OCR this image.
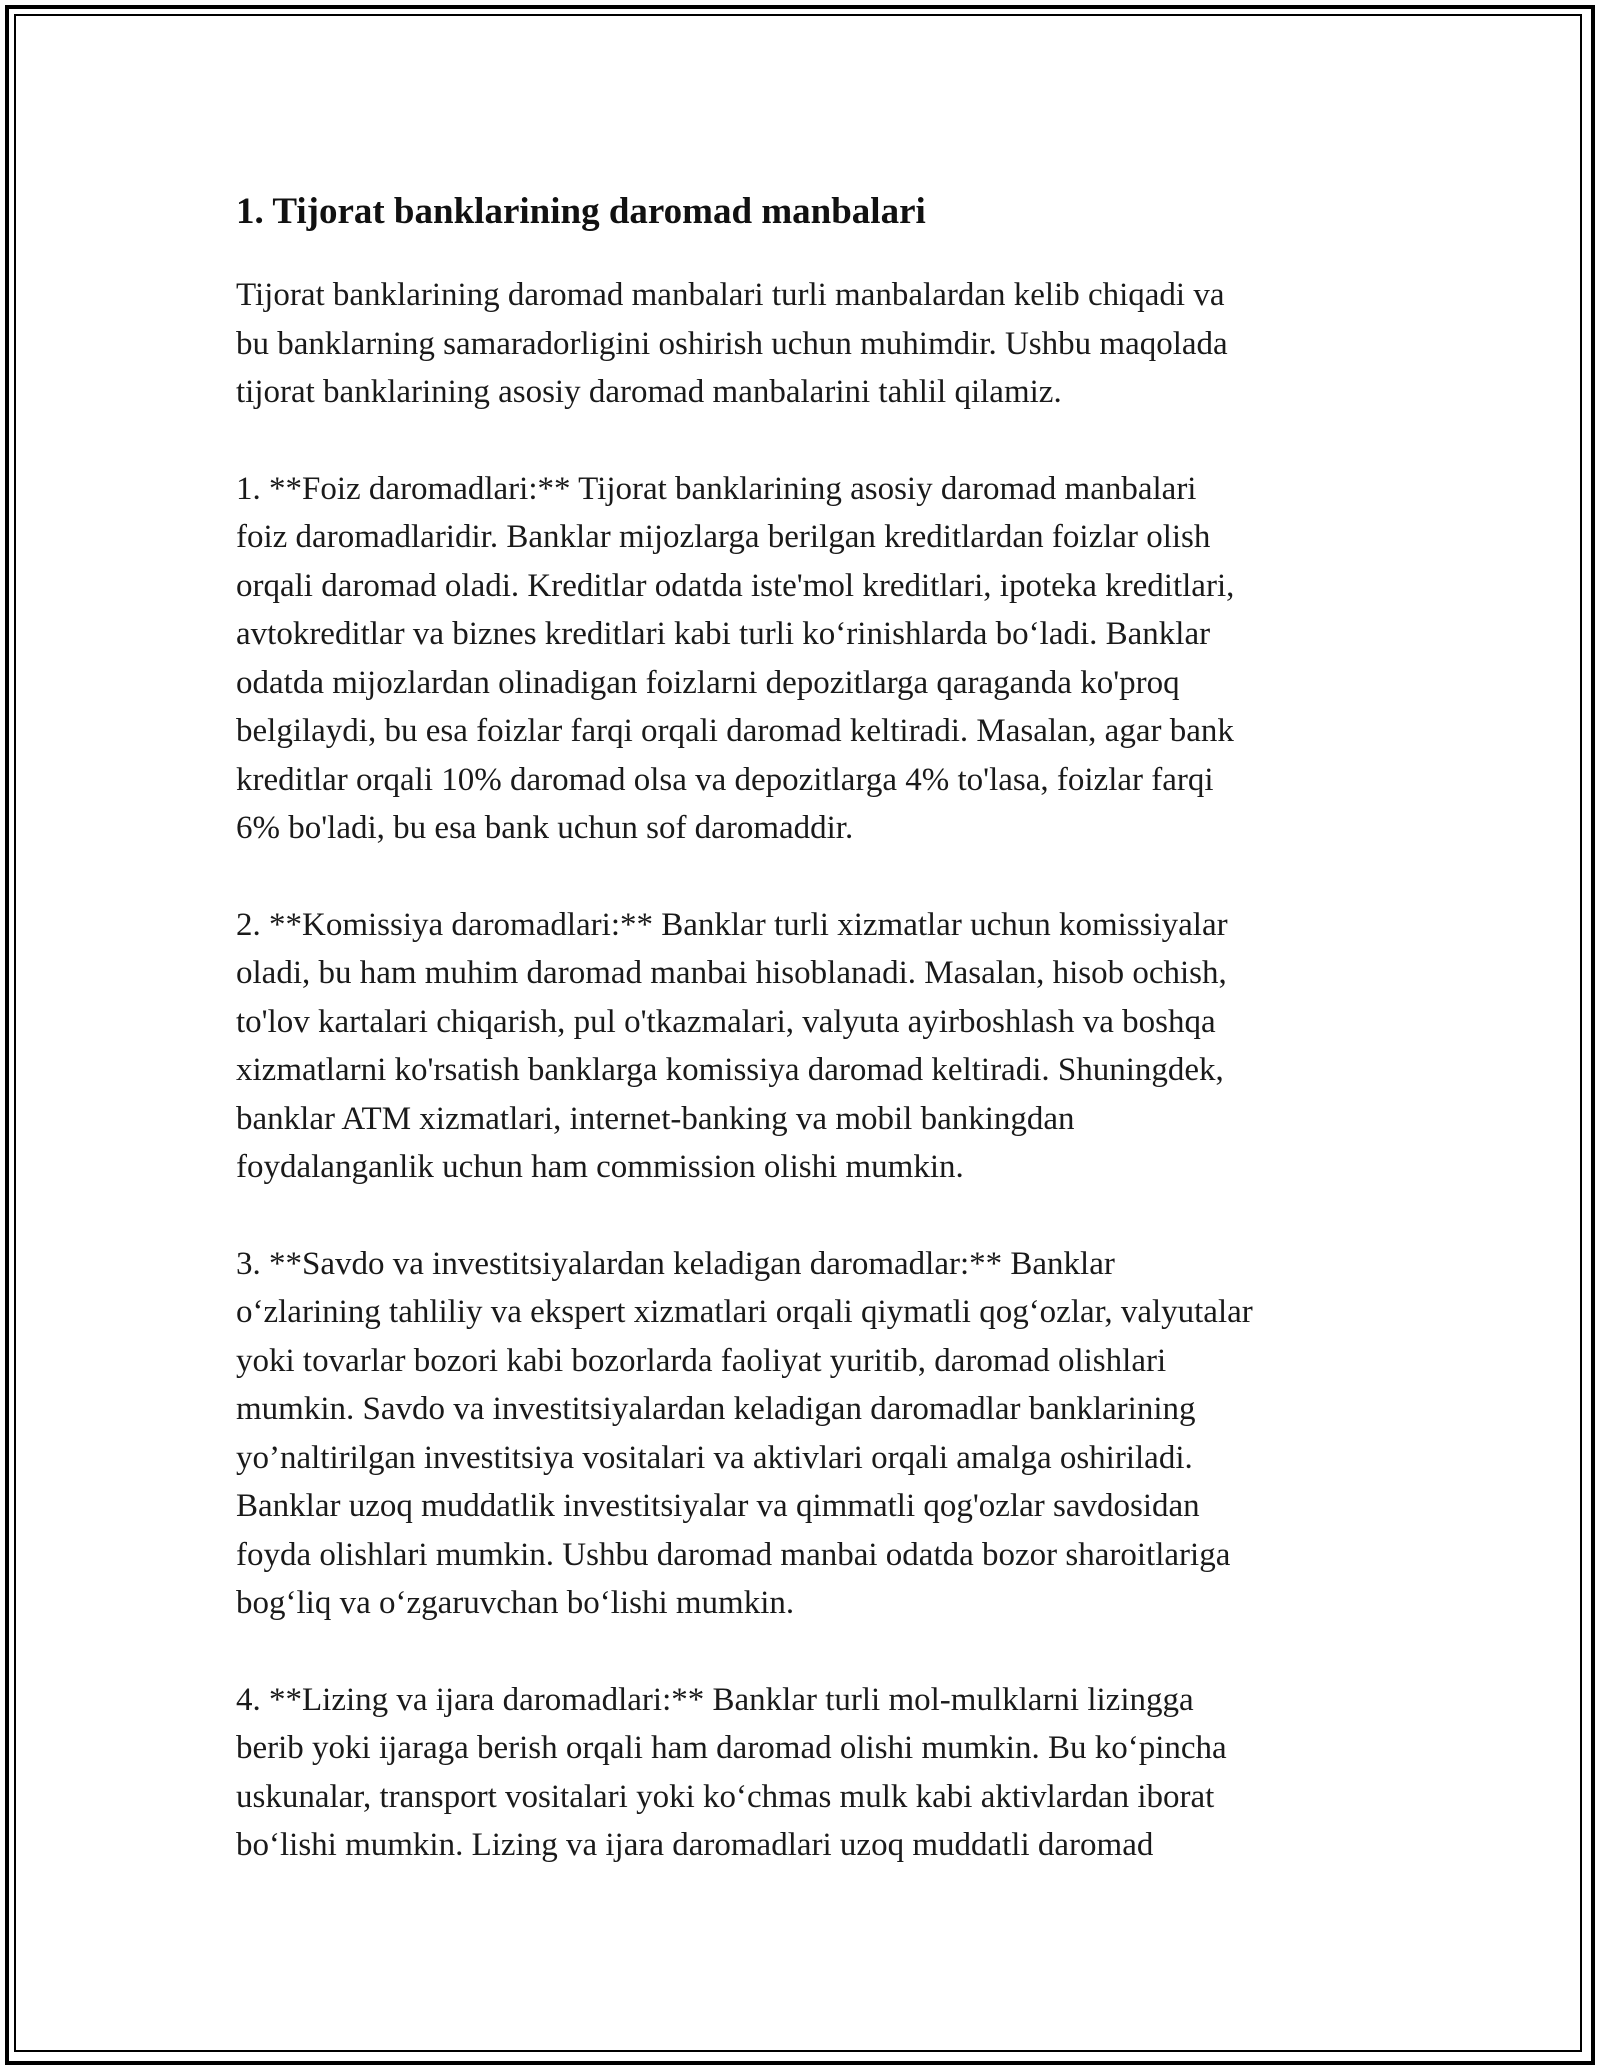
1. Tijorat banklarining daromad manbalari

Tijorat banklarining daromad manbalari turli manbalardan kelib chiqadi va
bu banklarning samaradorligini oshirish uchun muhimdir. Ushbu maqolada
tijorat banklarining asosiy daromad manbalarini tahlil qilamiz.

1. **Foiz daromadlari:** Tijorat banklarining asosiy daromad manbalari
foiz daromadlaridir. Banklar mijozlarga berilgan kreditlardan foizlar olish
orqali daromad oladi. Kreditlar odatda iste'mol kreditlari, ipoteka kreditlari,
avtokreditlar va biznes kreditlari kabi turli koʻrinishlarda boʻladi. Banklar
odatda mijozlardan olinadigan foizlarni depozitlarga qaraganda ko'proq
belgilaydi, bu esa foizlar farqi orqali daromad keltiradi. Masalan, agar bank
kreditlar orqali 10% daromad olsa va depozitlarga 4% to'lasa, foizlar farqi
6% bo'ladi, bu esa bank uchun sof daromaddir.

2. **Komissiya daromadlari:** Banklar turli xizmatlar uchun komissiyalar
oladi, bu ham muhim daromad manbai hisoblanadi. Masalan, hisob ochish,
to'lov kartalari chiqarish, pul o'tkazmalari, valyuta ayirboshlash va boshqa
xizmatlarni ko'rsatish banklarga komissiya daromad keltiradi. Shuningdek,
banklar ATM xizmatlari, internet-banking va mobil bankingdan
foydalanganlik uchun ham commission olishi mumkin.

3. **Savdo va investitsiyalardan keladigan daromadlar:** Banklar
oʻzlarining tahliliy va ekspert xizmatlari orqali qiymatli qogʻozlar, valyutalar
yoki tovarlar bozori kabi bozorlarda faoliyat yuritib, daromad olishlari
mumkin. Savdo va investitsiyalardan keladigan daromadlar banklarining
yo’naltirilgan investitsiya vositalari va aktivlari orqali amalga oshiriladi.
Banklar uzoq muddatlik investitsiyalar va qimmatli qog'ozlar savdosidan
foyda olishlari mumkin. Ushbu daromad manbai odatda bozor sharoitlariga
bogʻliq va oʻzgaruvchan boʻlishi mumkin.

4. **Lizing va ijara daromadlari:** Banklar turli mol-mulklarni lizingga
berib yoki ijaraga berish orqali ham daromad olishi mumkin. Bu koʻpincha
uskunalar, transport vositalari yoki koʻchmas mulk kabi aktivlardan iborat
boʻlishi mumkin. Lizing va ijara daromadlari uzoq muddatli daromad
